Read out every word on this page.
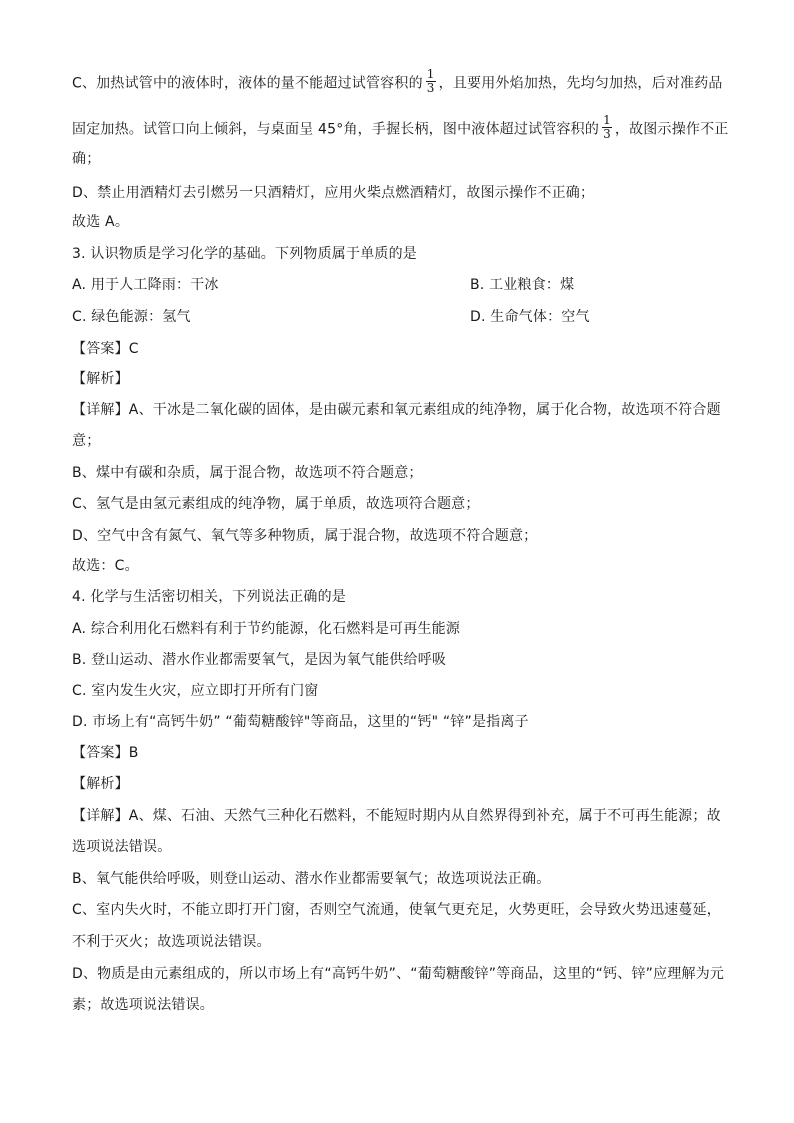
C、加热试管中的液体时，液体的量不能超过试管容积的 $\frac{1}{3}$ ，且要用外焰加热，先均匀加热，后对准药品
固定加热。试管口向上倾斜，与桌面呈 45°角，手握长柄，图中液体超过试管容积的 $\frac{1}{3}$ ，故图示操作不正
确；
D、禁止用酒精灯去引燃另一只酒精灯，应用火柴点燃酒精灯，故图示操作不正确；
故选 A。
3. 认识物质是学习化学的基础。下列物质属于单质的是
A. 用于人工降雨：干冰	B. 工业粮食：煤
C. 绿色能源：氢气	D. 生命气体：空气
【答案】C
【解析】
【详解】A、干冰是二氧化碳的固体，是由碳元素和氧元素组成的纯净物，属于化合物，故选项不符合题
意；
B、煤中有碳和杂质，属于混合物，故选项不符合题意；
C、氢气是由氢元素组成的纯净物，属于单质，故选项符合题意；
D、空气中含有氮气、氧气等多种物质，属于混合物，故选项不符合题意；
故选：C。
4. 化学与生活密切相关，下列说法正确的是
A. 综合利用化石燃料有利于节约能源，化石燃料是可再生能源
B. 登山运动、潜水作业都需要氧气，是因为氧气能供给呼吸
C. 室内发生火灾，应立即打开所有门窗
D. 市场上有“高钙牛奶” “葡萄糖酸锌"等商品，这里的“钙" “锌”是指离子
【答案】B
【解析】
【详解】A、煤、石油、天然气三种化石燃料，不能短时期内从自然界得到补充，属于不可再生能源；故
选项说法错误。
B、氧气能供给呼吸，则登山运动、潜水作业都需要氧气；故选项说法正确。
C、室内失火时，不能立即打开门窗，否则空气流通，使氧气更充足，火势更旺，会导致火势迅速蔓延，
不利于灭火；故选项说法错误。
D、物质是由元素组成的，所以市场上有“高钙牛奶”、“葡萄糖酸锌”等商品，这里的“钙、锌”应理解为元
素；故选项说法错误。
